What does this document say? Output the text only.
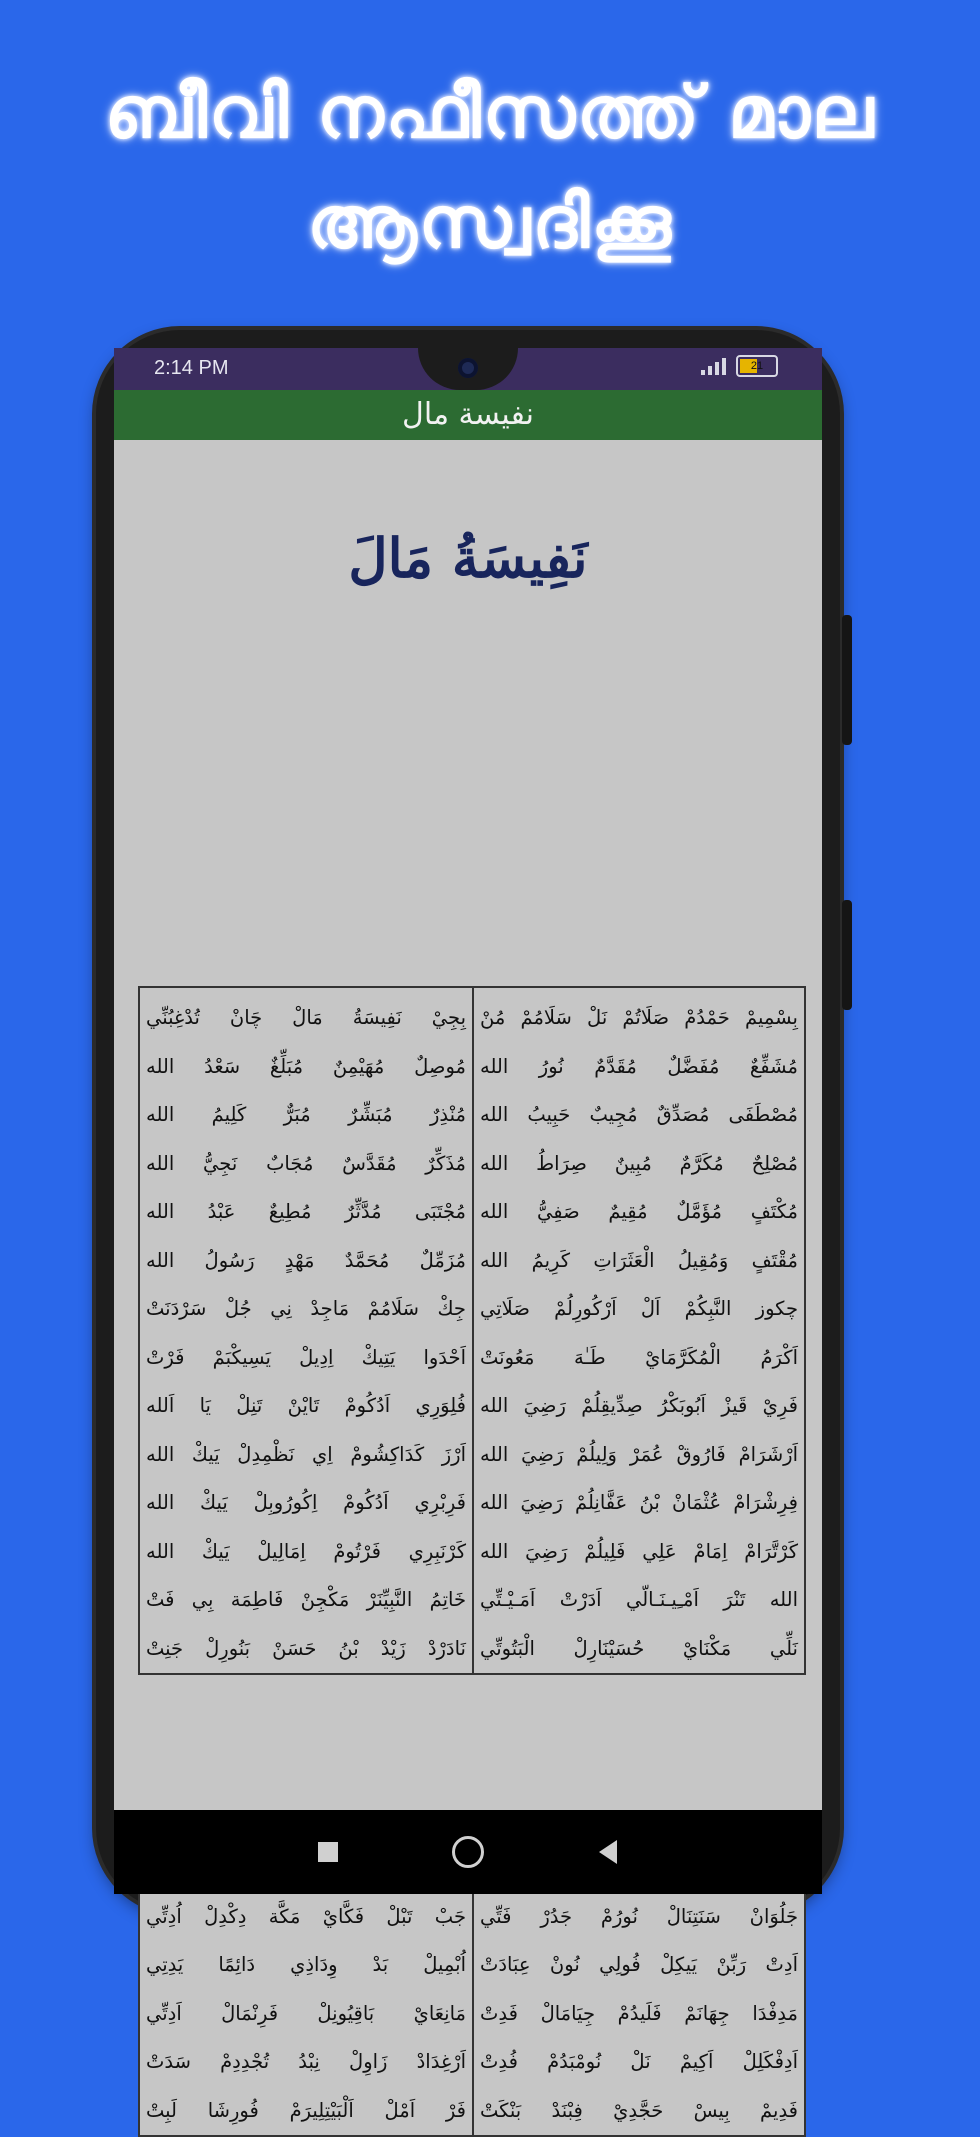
ബീവി നഫീസത്ത് മാല
ആസ്വദിക്കൂ
2:14 PM	21
نفيسة مال
نَفِيسَةُ مَالَ
بِسْمِيمْ حَمْدُمْ صَلَاتُمْ نَلْ سَلَامُمْ مُنْ
مُشَفِّعٌ مُفَضَّلٌ مُقَدَّمٌ نُورُ الله
مُصْطَفَى مُصَدِّقٌ مُجِيبٌ حَبِيبُ الله
مُصْلِحٌ مُكَرَّمٌ مُبِينٌ صِرَاطُ الله
مُكْتَفٍ مُؤَمَّلٌ مُقِيمٌ صَفِيُّ الله
مُقْتَفٍ وَمُقِيلُ الْعَثَرَاتِ كَرِيمُ الله
چكوز النَّبِكُمْ اَلْ اَرْكُورِلُمْ صَلَاتِي
اَكْرَمُ الْمُكَرَّمَايْ طَـٰهَ مَعُونَتْ
فَرِيْ قَيزْ اَبُوبَكْرُ صِدِّيقِلُمْ رَضِيَ الله
اَرْشَرَامْ فَارُوقْ عُمَرْ وَلِيلُمْ رَضِيَ الله
فِرِشْرَامْ عُثْمَانْ بْنُ عَفَّانِلُمْ رَضِيَ الله
كَرْتَّرَامْ اِمَامْ عَلِي فَلِيلُمْ رَضِيَ الله
الله تَنْرَ اَمْـِيـنَـالّي اَدَرْتْ اَمَـيْـتِّي
نَلِّي مَكْنَايْ حُسَيْنَارِلْ الْبَتُوتِّي
بِجِيْ نَفِيسَةُ مَالْ چَانْ تُدْغِبُنِّي
مُوصِلٌ مُهَيْمِنٌ مُبَلِّغٌ سَعْدُ الله
مُنْذِرٌ مُبَشِّرٌ مُبَرٌّ كَلِيمُ الله
مُذَكِّرٌ مُقَدَّسٌ مُجَابٌ نَجِيُّ الله
مُجْتَبَى مُدَّثِّرٌ مُطِيعٌ عَبْدُ الله
مُزَمِّلٌ مُحَمَّدٌ مَهْدٍ رَسُولُ الله
جِكْ سَلَامُمْ مَاجِدْ نِي جُلْ سَرْدَنَتْ
اَحْدَوا يَتِيكْ اِدِيلْ يَسِيكْبَمْ فَرْتْ
فُلِوَرِي اَدُكُومْ تَايْنْ تَنِلْ يَا اَلله
اَرْزَ كَدَاكِشُومْ اِي نَظْمِدِلْ يَيكْ الله
فَرِبْرِي اَدُكُومْ اِكُورُوبِلْ يَيكْ الله
كَرْنَبِرِي فَرْتُومْ اِمَالِيلْ يَيكْ الله
خَاتِمُ النَّبِيِّنَرْ مَكْجِنْ فَاطِمَة بِي فَتْ
نَادَرْدْ زَيْدْ بْنُ حَسَنْ بَنُورِلْ جَنِتْ
جَلُوَانْ سَنَتِنَالْ نُورُمْ جَدُرْ فَتِّي
اَدِتْ رَبِّنْ يَيكِلْ فُولِي نُونْ عِبَادَتْ
مَدِفْدَا جِهَانَمْ فَلَيدُمْ جِيَامَالْ فَدِتْ
اَدِفْكَلِلْ اَكِيمْ نَلْ نُومْبَدُمْ فُدِتْ
فَدِيمْ بِيسْ حَجَّدِيْ فِبْنَدْ بَنْكَتْ
جَبْ تَبْلْ فَكَّايْ مَكَّة دِكْدِلْ اُدِتِّي
اُبْمِيلْ بَدْ وِدَاذِي دَائِمًا يَدِتِي
مَانِعَايْ بَاقِيُونِلْ فَرِنْمَالْ اَدِتِّي
اَرْغِدَادْ زَاوِلْ نِبْدُ تُجْدِدِمْ سَدَتْ
فَرْ اَمْلْ اَلْبَيْتِلِيرَمْ فُورِشَا لَبِتْ
